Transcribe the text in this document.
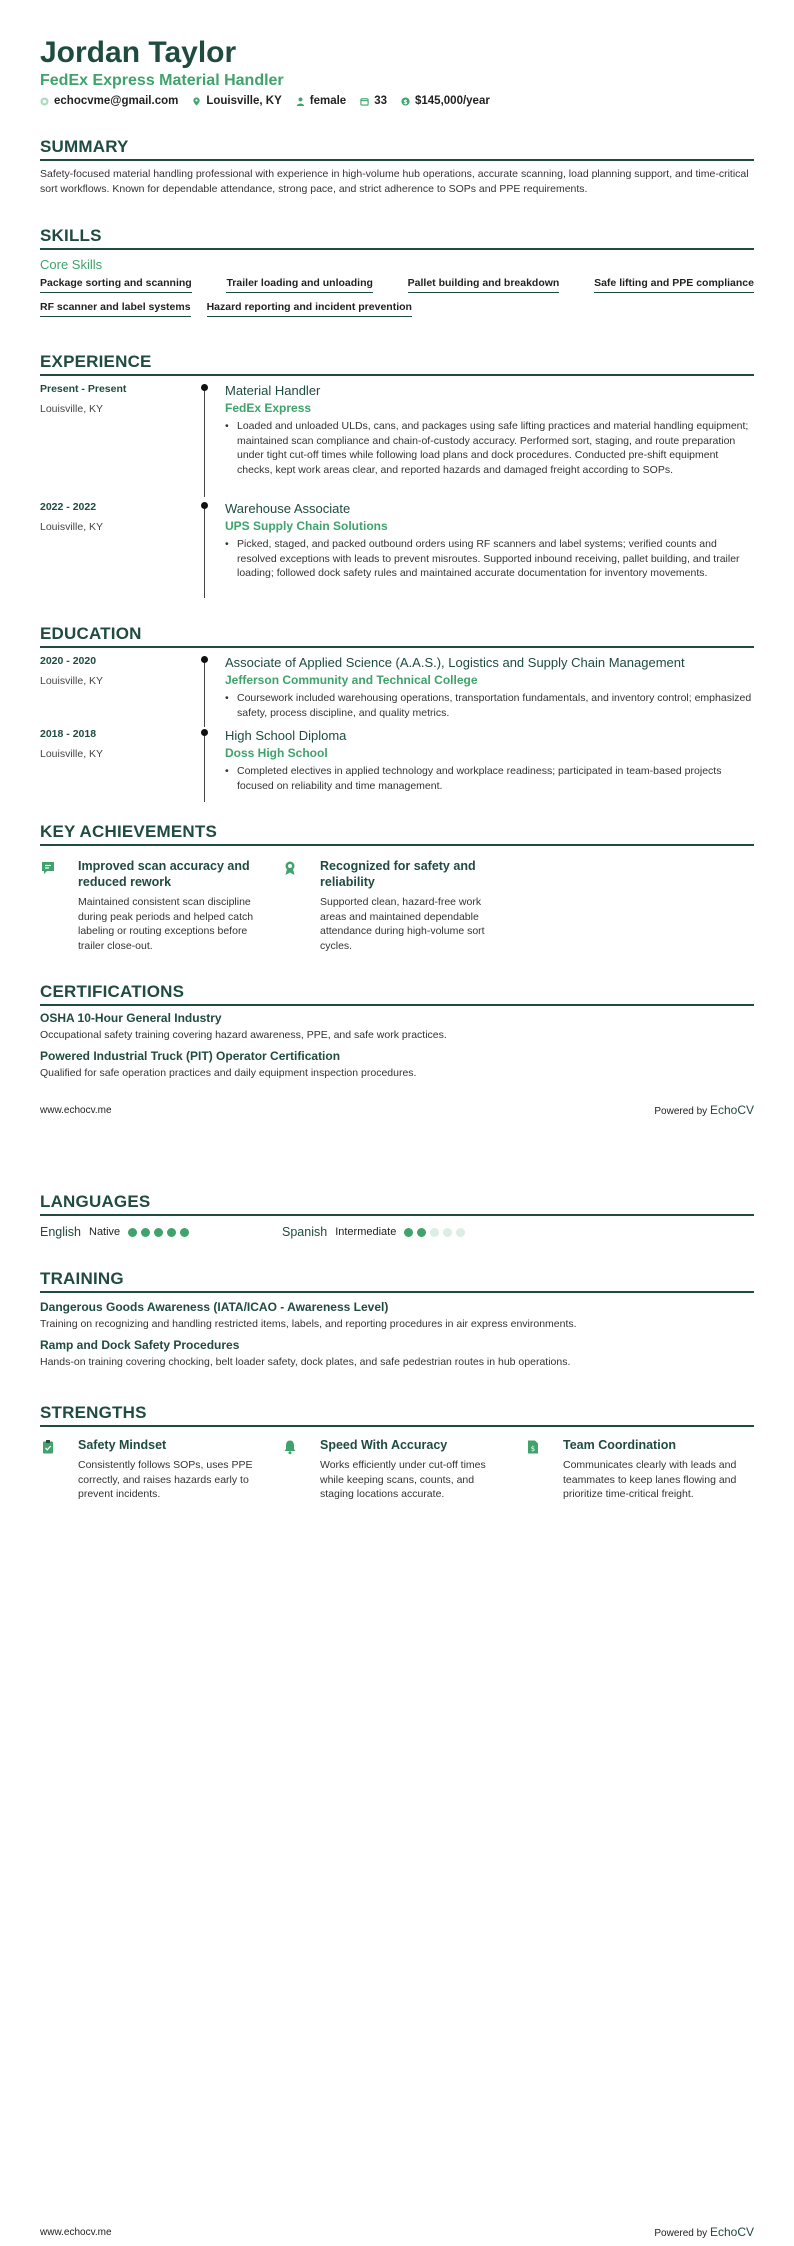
Jordan Taylor
FedEx Express Material Handler
echocvme@gmail.com Louisville, KY female 33 $ $145,000/year
SUMMARY
Safety-focused material handling professional with experience in high-volume hub operations, accurate scanning, load planning support, and time-critical sort workflows. Known for dependable attendance, strong pace, and strict adherence to SOPs and PPE requirements.
SKILLS
Core Skills
Package sorting and scanning	Trailer loading and unloading	Pallet building and breakdown	Safe lifting and PPE compliance
RF scanner and label systems Hazard reporting and incident prevention
EXPERIENCE
Present - Present
Louisville, KY
Material Handler
FedEx Express
• Loaded and unloaded ULDs, cans, and packages using safe lifting practices and material handling equipment; maintained scan compliance and chain-of-custody accuracy. Performed sort, staging, and route preparation under tight cut-off times while following load plans and dock procedures. Conducted pre-shift equipment checks, kept work areas clear, and reported hazards and damaged freight according to SOPs.
2022 - 2022
Louisville, KY
Warehouse Associate
UPS Supply Chain Solutions
• Picked, staged, and packed outbound orders using RF scanners and label systems; verified counts and resolved exceptions with leads to prevent misroutes. Supported inbound receiving, pallet building, and trailer loading; followed dock safety rules and maintained accurate documentation for inventory movements.
EDUCATION
2020 - 2020
Louisville, KY
Associate of Applied Science (A.A.S.), Logistics and Supply Chain Management
Jefferson Community and Technical College
• Coursework included warehousing operations, transportation fundamentals, and inventory control; emphasized safety, process discipline, and quality metrics.
2018 - 2018
Louisville, KY
High School Diploma
Doss High School
• Completed electives in applied technology and workplace readiness; participated in team-based projects focused on reliability and time management.
KEY ACHIEVEMENTS
Improved scan accuracy and reduced rework
Maintained consistent scan discipline during peak periods and helped catch labeling or routing exceptions before trailer close-out.
Recognized for safety and reliability
Supported clean, hazard-free work areas and maintained dependable attendance during high-volume sort cycles.
CERTIFICATIONS
OSHA 10-Hour General Industry
Occupational safety training covering hazard awareness, PPE, and safe work practices.
Powered Industrial Truck (PIT) Operator Certification
Qualified for safe operation practices and daily equipment inspection procedures.
www.echocv.me	Powered by EchoCV
LANGUAGES
English Native	Spanish Intermediate
TRAINING
Dangerous Goods Awareness (IATA/ICAO - Awareness Level)
Training on recognizing and handling restricted items, labels, and reporting procedures in air express environments.
Ramp and Dock Safety Procedures
Hands-on training covering chocking, belt loader safety, dock plates, and safe pedestrian routes in hub operations.
STRENGTHS
Safety Mindset
Consistently follows SOPs, uses PPE correctly, and raises hazards early to prevent incidents.
Speed With Accuracy
Works efficiently under cut-off times while keeping scans, counts, and staging locations accurate.
$ Team Coordination
Communicates clearly with leads and teammates to keep lanes flowing and prioritize time-critical freight.
www.echocv.me	Powered by EchoCV
